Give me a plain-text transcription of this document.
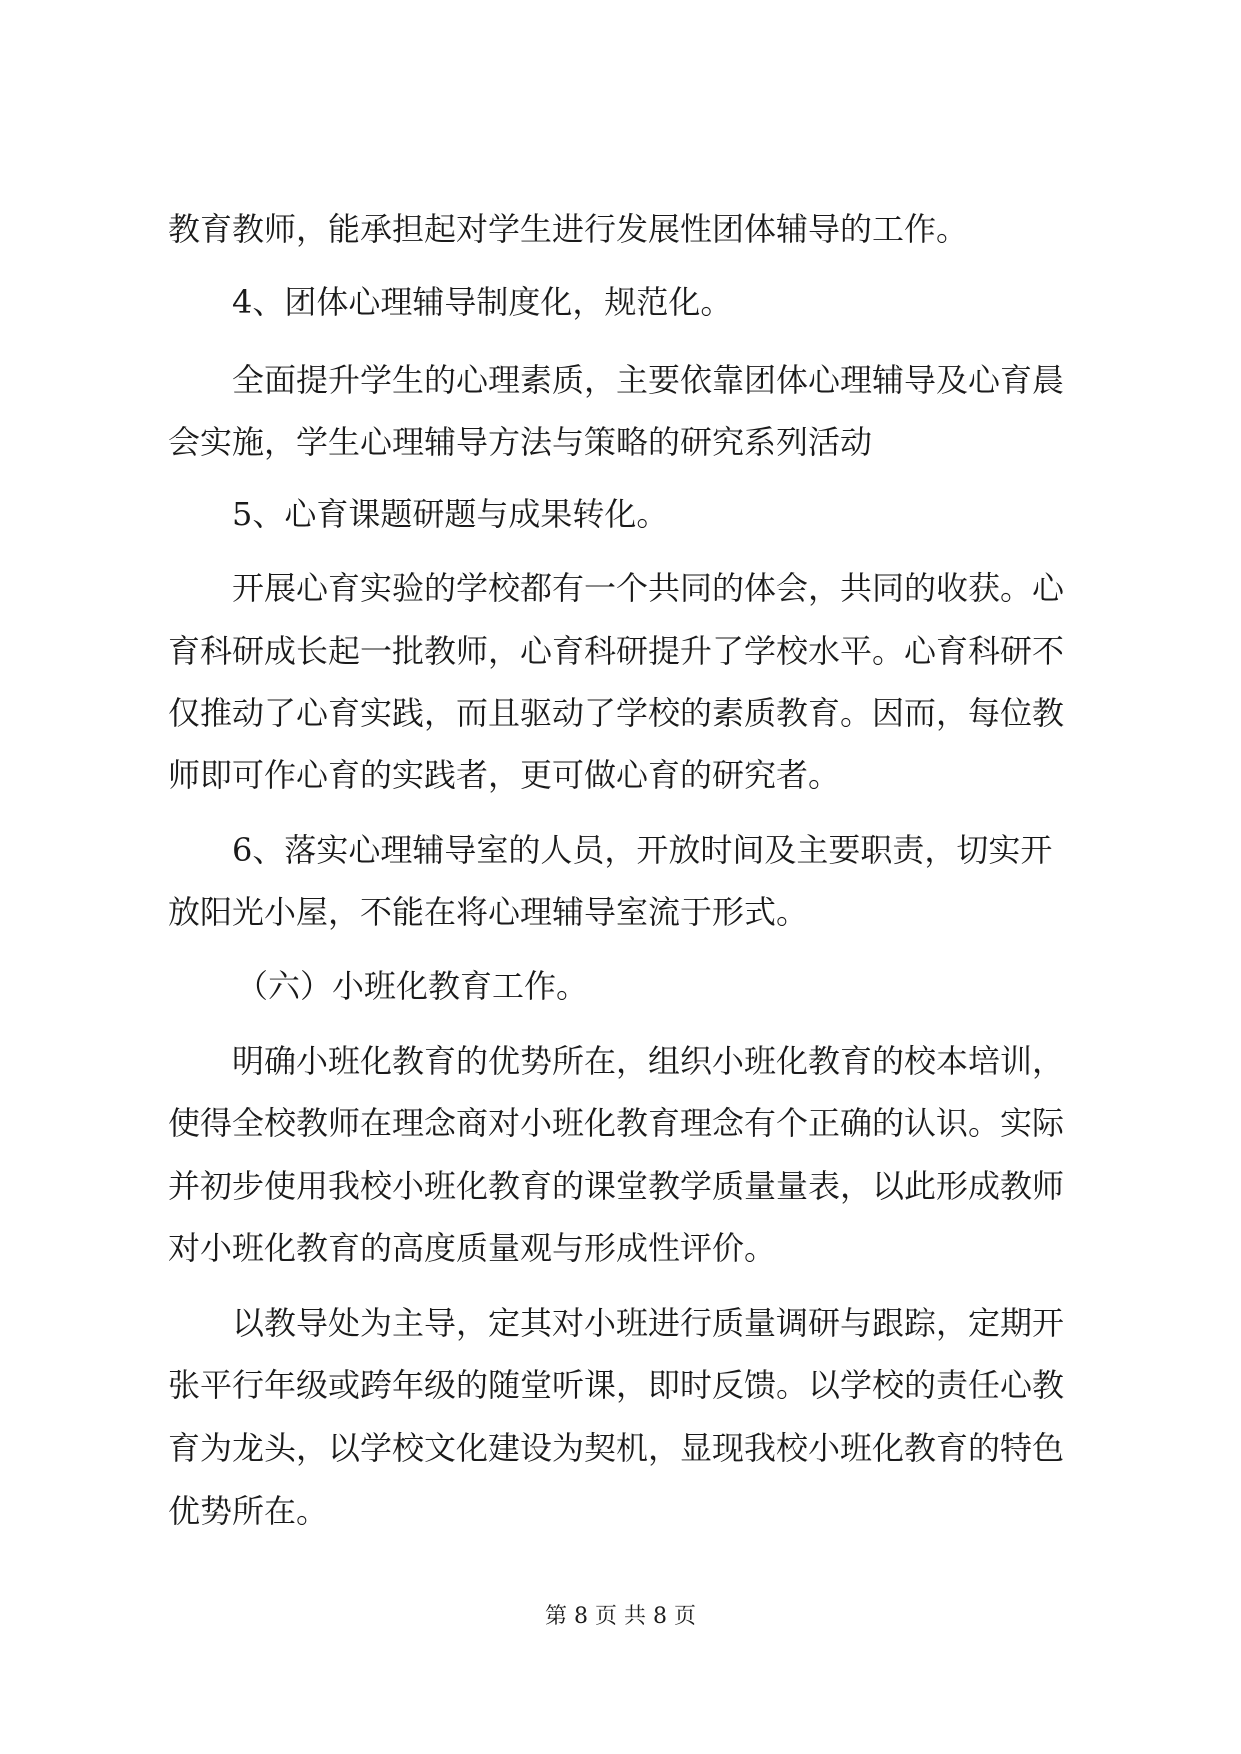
教育教师，能承担起对学生进行发展性团体辅导的工作。
4、团体心理辅导制度化，规范化。
全面提升学生的心理素质，主要依靠团体心理辅导及心育晨
会实施，学生心理辅导方法与策略的研究系列活动
5、心育课题研题与成果转化。
开展心育实验的学校都有一个共同的体会，共同的收获。心
育科研成长起一批教师，心育科研提升了学校水平。心育科研不
仅推动了心育实践，而且驱动了学校的素质教育。因而，每位教
师即可作心育的实践者，更可做心育的研究者。
6、落实心理辅导室的人员，开放时间及主要职责，切实开
放阳光小屋，不能在将心理辅导室流于形式。
（六）小班化教育工作。
明确小班化教育的优势所在，组织小班化教育的校本培训，
使得全校教师在理念商对小班化教育理念有个正确的认识。实际
并初步使用我校小班化教育的课堂教学质量量表，以此形成教师
对小班化教育的高度质量观与形成性评价。
以教导处为主导，定其对小班进行质量调研与跟踪，定期开
张平行年级或跨年级的随堂听课，即时反馈。以学校的责任心教
育为龙头，以学校文化建设为契机，显现我校小班化教育的特色
优势所在。
第 8 页 共 8 页
